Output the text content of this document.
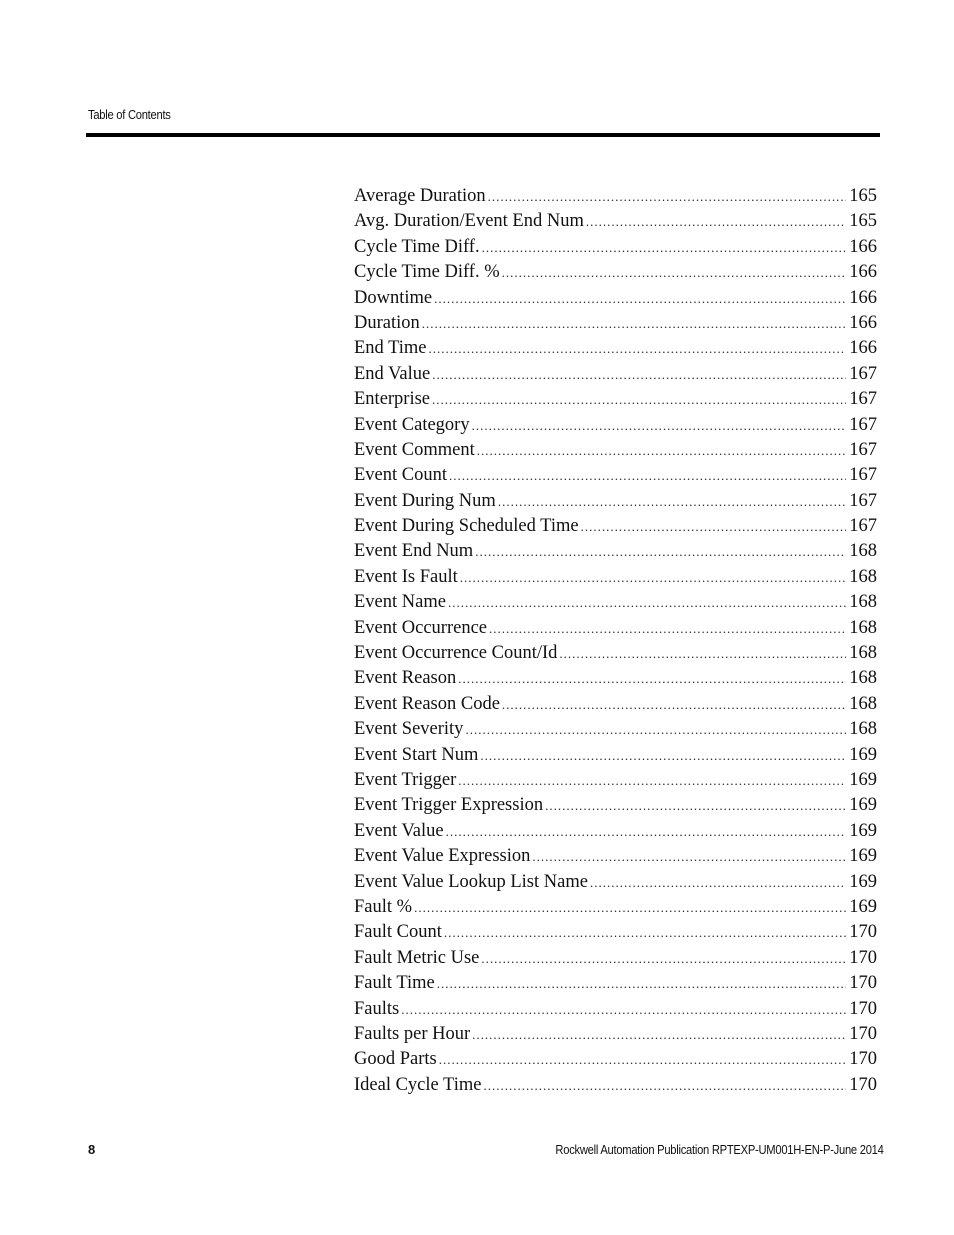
Table of Contents
Average Duration .....	165
Avg. Duration/Event End Num .....	165
Cycle Time Diff. .....	166
Cycle Time Diff. % .....	166
Downtime .....	166
Duration .....	166
End Time .....	166
End Value .....	167
Enterprise .....	167
Event Category .....	167
Event Comment .....	167
Event Count .....	167
Event During Num .....	167
Event During Scheduled Time .....	167
Event End Num .....	168
Event Is Fault .....	168
Event Name .....	168
Event Occurrence .....	168
Event Occurrence Count/Id .....	168
Event Reason .....	168
Event Reason Code .....	168
Event Severity .....	168
Event Start Num .....	169
Event Trigger .....	169
Event Trigger Expression .....	169
Event Value .....	169
Event Value Expression .....	169
Event Value Lookup List Name .....	169
Fault % .....	169
Fault Count .....	170
Fault Metric Use .....	170
Fault Time .....	170
Faults .....	170
Faults per Hour .....	170
Good Parts .....	170
Ideal Cycle Time .....	170
8	Rockwell Automation Publication RPTEXP-UM001H-EN-P-June 2014
